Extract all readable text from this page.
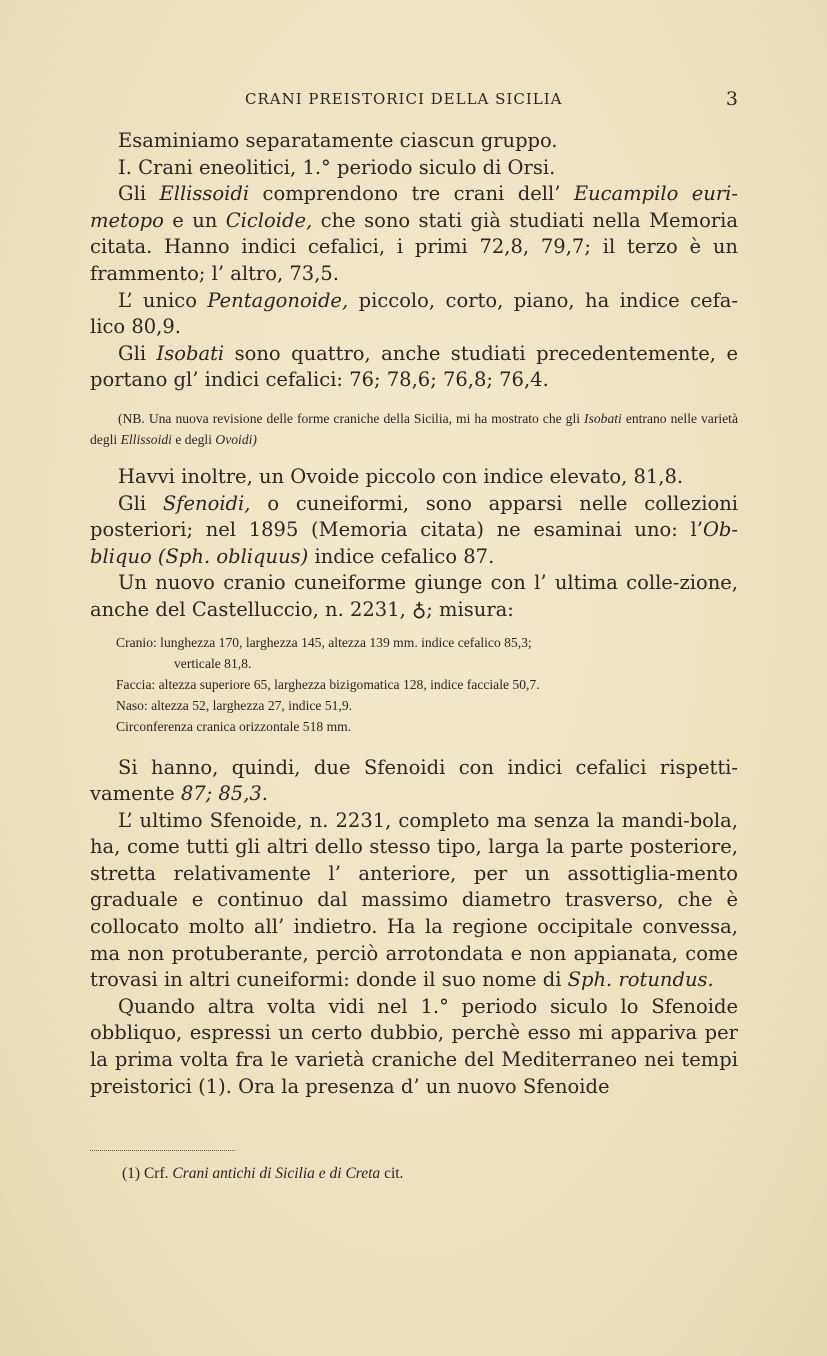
CRANI PREISTORICI DELLA SICILIA	3

Esaminiamo separatamente ciascun gruppo.

I. Crani eneolitici, 1.° periodo siculo di Orsi.

Gli Ellissoidi comprendono tre crani dell’ Eucampilo euri-metopo e un Cicloide, che sono stati già studiati nella Memoria citata. Hanno indici cefalici, i primi 72,8, 79,7; il terzo è un frammento; l’ altro, 73,5.

L’ unico Pentagonoide, piccolo, corto, piano, ha indice cefa-lico 80,9.

Gli Isobati sono quattro, anche studiati precedentemente, e portano gl’ indici cefalici: 76; 78,6; 76,8; 76,4.

(NB. Una nuova revisione delle forme craniche della Sicilia, mi ha mostrato che gli Isobati entrano nelle varietà degli Ellissoidi e degli Ovoidi)

Havvi inoltre, un Ovoide piccolo con indice elevato, 81,8.

Gli Sfenoidi, o cuneiformi, sono apparsi nelle collezioni posteriori; nel 1895 (Memoria citata) ne esaminai uno: l’Ob-bliquo (Sph. obliquus) indice cefalico 87.

Un nuovo cranio cuneiforme giunge con l’ ultima colle-zione, anche del Castelluccio, n. 2231, ♁; misura:

Cranio: lunghezza 170, larghezza 145, altezza 139 mm. indice cefalico 85,3;
verticale 81,8.
Faccia: altezza superiore 65, larghezza bizigomatica 128, indice facciale 50,7.
Naso: altezza 52, larghezza 27, indice 51,9.
Circonferenza cranica orizzontale 518 mm.

Si hanno, quindi, due Sfenoidi con indici cefalici rispetti-vamente 87; 85,3.

L’ ultimo Sfenoide, n. 2231, completo ma senza la mandi-bola, ha, come tutti gli altri dello stesso tipo, larga la parte posteriore, stretta relativamente l’ anteriore, per un assottiglia-mento graduale e continuo dal massimo diametro trasverso, che è collocato molto all’ indietro. Ha la regione occipitale convessa, ma non protuberante, perciò arrotondata e non appianata, come trovasi in altri cuneiformi: donde il suo nome di Sph. rotundus.

Quando altra volta vidi nel 1.° periodo siculo lo Sfenoide obbliquo, espressi un certo dubbio, perchè esso mi appariva per la prima volta fra le varietà craniche del Mediterraneo nei tempi preistorici (1). Ora la presenza d’ un nuovo Sfenoide

(1) Crf. Crani antichi di Sicilia e di Creta cit.
